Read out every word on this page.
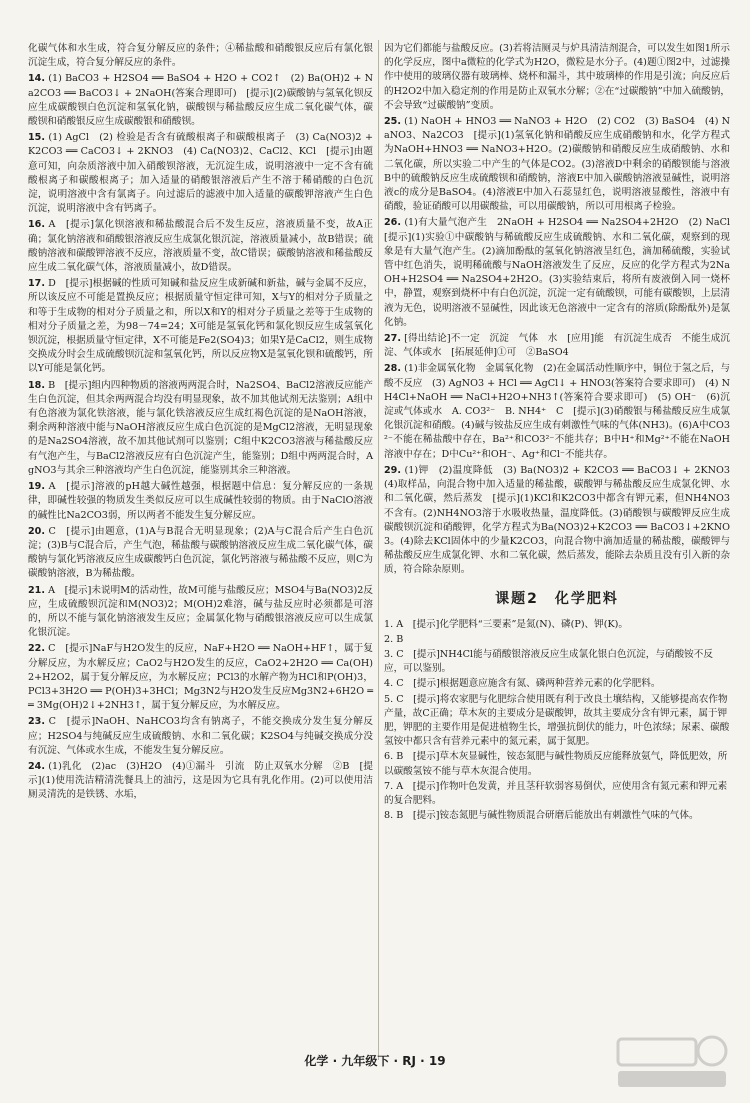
化碳气体和水生成，符合复分解反应的条件；④稀盐酸和硝酸银反应后有氯化银沉淀生成，符合复分解反应的条件。

14. (1) BaCO3 + H2SO4 ══ BaSO4 + H2O + CO2↑　(2) Ba(OH)2 + Na2CO3 ══ BaCO3↓ + 2NaOH(答案合理即可)　[提示](2)碳酸钠与氢氧化钡反应生成碳酸钡白色沉淀和氢氧化钠，碳酸钡与稀盐酸反应生成二氧化碳气体，碳酸钡和硝酸银反应生成碳酸银和硝酸钡。

15. (1) AgCl　(2) 检验是否含有硫酸根离子和碳酸根离子　(3) Ca(NO3)2 + K2CO3 ══ CaCO3↓ + 2KNO3　(4) Ca(NO3)2、CaCl2、KCl　[提示]由题意可知，向杂质溶液中加入硝酸钡溶液，无沉淀生成，说明溶液中一定不含有硫酸根离子和碳酸根离子；加入适量的硝酸银溶液后产生不溶于稀硝酸的白色沉淀，说明溶液中含有氯离子。向过滤后的滤液中加入适量的碳酸钾溶液产生白色沉淀，说明溶液中含有钙离子。

16. A　[提示]氯化钡溶液和稀盐酸混合后不发生反应，溶液质量不变，故A正确；氯化钠溶液和硝酸银溶液反应生成氯化银沉淀，溶液质量减小，故B错误；硫酸钠溶液和碳酸钾溶液不反应，溶液质量不变，故C错误；碳酸钠溶液和稀盐酸反应生成二氧化碳气体，溶液质量减小，故D错误。

17. D　[提示]根据碱的性质可知碱和盐反应生成新碱和新盐，碱与金属不反应，所以该反应不可能是置换反应；根据质量守恒定律可知，X与Y的相对分子质量之和等于生成物的相对分子质量之和，所以X和Y的相对分子质量之差等于生成物的相对分子质量之差，为98－74=24；X可能是氢氧化钙和氯化钡反应生成氢氧化钡沉淀，根据质量守恒定律，X不可能是Fe2(SO4)3；如果Y是CaCl2，则生成物交换成分时会生成硫酸钡沉淀和氢氧化钙，所以反应物X是氢氧化钡和硫酸钙，所以Y可能是氯化钙。

18. B　[提示]组内四种物质的溶液两两混合时，Na2SO4、BaCl2溶液反应能产生白色沉淀，但其余两两混合均没有明显现象，故不加其他试剂无法鉴别；A组中有色溶液为氯化铁溶液，能与氯化铁溶液反应生成红褐色沉淀的是NaOH溶液，剩余两种溶液中能与NaOH溶液反应生成白色沉淀的是MgCl2溶液，无明显现象的是Na2SO4溶液，故不加其他试剂可以鉴别；C组中K2CO3溶液与稀盐酸反应有气泡产生，与BaCl2溶液反应有白色沉淀产生，能鉴别；D组中两两混合时，AgNO3与其余三种溶液均产生白色沉淀，能鉴别其余三种溶液。

19. A　[提示]溶液的pH越大碱性越强，根据题中信息：复分解反应的一条规律，即碱性较强的物质发生类似反应可以生成碱性较弱的物质。由于NaClO溶液的碱性比Na2CO3弱，所以两者不能发生复分解反应。

20. C　[提示]由题意，(1)A与B混合无明显现象；(2)A与C混合后产生白色沉淀；(3)B与C混合后，产生气泡，稀盐酸与碳酸钠溶液反应生成二氧化碳气体，碳酸钠与氯化钙溶液反应生成碳酸钙白色沉淀，氯化钙溶液与稀盐酸不反应，则C为碳酸钠溶液，B为稀盐酸。

21. A　[提示]未说明M的活动性，故M可能与盐酸反应；MSO4与Ba(NO3)2反应，生成硫酸钡沉淀和M(NO3)2；M(OH)2难溶，碱与盐反应时必须都是可溶的，所以不能与氯化钠溶液发生反应；金属氯化物与硝酸银溶液反应可以生成氯化银沉淀。

22. C　[提示]NaF与H2O发生的反应，NaF+H2O ══ NaOH+HF↑，属于复分解反应，为水解反应；CaO2与H2O发生的反应，CaO2+2H2O ══ Ca(OH)2+H2O2，属于复分解反应，为水解反应；PCl3的水解产物为HCl和P(OH)3，PCl3+3H2O ══ P(OH)3+3HCl；Mg3N2与H2O发生反应Mg3N2+6H2O ══ 3Mg(OH)2↓+2NH3↑，属于复分解反应，为水解反应。

23. C　[提示]NaOH、NaHCO3均含有钠离子，不能交换成分发生复分解反应；H2SO4与纯碱反应生成硫酸钠、水和二氧化碳；K2SO4与纯碱交换成分没有沉淀、气体或水生成，不能发生复分解反应。

24. (1)乳化　(2)ac　(3)H2O　(4)①漏斗　引流　防止双氧水分解　②B　[提示](1)使用洗洁精清洗餐具上的油污，这是因为它具有乳化作用。(2)可以使用洁厕灵清洗的是铁锈、水垢，

因为它们都能与盐酸反应。(3)若将洁厕灵与炉具清洁剂混合，可以发生如图1所示的化学反应，图中a微粒的化学式为H2O，微粒是水分子。(4)题①图2中，过滤操作中使用的玻璃仪器有玻璃棒、烧杯和漏斗，其中玻璃棒的作用是引流；向反应后的H2O2中加入稳定剂的作用是防止双氧水分解；②在“过碳酸钠”中加入硫酸钠，不会导致“过碳酸钠”变质。

25. (1) NaOH + HNO3 ══ NaNO3 + H2O　(2) CO2　(3) BaSO4　(4) NaNO3、Na2CO3　[提示](1)氢氧化钠和硝酸反应生成硝酸钠和水，化学方程式为NaOH+HNO3 ══ NaNO3+H2O。(2)碳酸钠和硝酸反应生成硝酸钠、水和二氧化碳，所以实验二中产生的气体是CO2。(3)溶液D中剩余的硝酸钡能与溶液B中的硫酸钠反应生成硫酸钡和硝酸钠，溶液E中加入碳酸钠溶液显碱性，说明溶液c的成分是BaSO4。(4)溶液E中加入石蕊显红色，说明溶液显酸性，溶液中有硝酸，验证硝酸可以用碳酸盐，可以用碳酸钠，所以可用根离子检验。

26. (1)有大量气泡产生　2NaOH + H2SO4 ══ Na2SO4+2H2O　(2) NaCl　[提示](1)实验①中碳酸钠与稀硫酸反应生成硫酸钠、水和二氧化碳，观察到的现象是有大量气泡产生。(2)滴加酚酞的氢氧化钠溶液呈红色，滴加稀硫酸，实验试管中红色消失，说明稀硫酸与NaOH溶液发生了反应，反应的化学方程式为2NaOH+H2SO4 ══ Na2SO4+2H2O。(3)实验结束后，将所有废液倒入同一烧杯中，静置，观察到烧杯中有白色沉淀，沉淀一定有硫酸钡，可能有碳酸钡，上层清液为无色，说明溶液不显碱性，因此该无色溶液中一定含有的溶质(除酚酞外)是氯化钠。

27. [得出结论]不一定　沉淀　气体　水　[应用]能　有沉淀生成否　不能生成沉淀、气体或水　[拓展延伸]①可　②BaSO4

28. (1)非金属氧化物　金属氧化物　(2)在金属活动性顺序中，铜位于氢之后，与酸不反应　(3) AgNO3 + HCl ══ AgCl↓ + HNO3(答案符合要求即可)　(4) NH4Cl+NaOH ══ NaCl+H2O+NH3↑(答案符合要求即可)　(5) OH⁻　(6)沉淀或气体或水　A. CO3²⁻　B. NH4⁺　C　[提示](3)硝酸银与稀盐酸反应生成氯化银沉淀和硝酸。(4)碱与铵盐反应生成有刺激性气味的气体(NH3)。(6)A中CO3²⁻不能在稀盐酸中存在，Ba²⁺和CO3²⁻不能共存；B中H⁺和Mg²⁺不能在NaOH溶液中存在；D中Cu²⁺和OH⁻、Ag⁺和Cl⁻不能共存。

29. (1)钾　(2)温度降低　(3) Ba(NO3)2 + K2CO3 ══ BaCO3↓ + 2KNO3　(4)取样品，向混合物中加入适量的稀盐酸，碳酸钾与稀盐酸反应生成氯化钾、水和二氧化碳，然后蒸发　[提示](1)KCl和K2CO3中都含有钾元素，但NH4NO3不含有。(2)NH4NO3溶于水吸收热量，温度降低。(3)硝酸钡与碳酸钾反应生成碳酸钡沉淀和硝酸钾，化学方程式为Ba(NO3)2+K2CO3 ══ BaCO3↓+2KNO3。(4)除去KCl固体中的少量K2CO3，向混合物中滴加适量的稀盐酸，碳酸钾与稀盐酸反应生成氯化钾、水和二氧化碳，然后蒸发，能除去杂质且没有引入新的杂质，符合除杂原则。

课题2　化学肥料

1. A　[提示]化学肥料“三要素”是氮(N)、磷(P)、钾(K)。

2. B

3. C　[提示]NH4Cl能与硝酸银溶液反应生成氯化银白色沉淀，与硝酸铵不反应，可以鉴别。

4. C　[提示]根据题意应施含有氮、磷两种营养元素的化学肥料。

5. C　[提示]将农家肥与化肥综合使用既有利于改良土壤结构，又能够提高农作物产量，故C正确；草木灰的主要成分是碳酸钾，故其主要成分含有钾元素，属于钾肥，钾肥的主要作用是促进植物生长，增强抗倒伏的能力，叶色浓绿；尿素、碳酸氢铵中都只含有营养元素中的氮元素，属于氮肥。

6. B　[提示]草木灰显碱性，铵态氮肥与碱性物质反应能释放氨气，降低肥效，所以碳酸氢铵不能与草木灰混合使用。

7. A　[提示]作物叶色发黄，并且茎秆软弱容易倒伏，应使用含有氮元素和钾元素的复合肥料。

8. B　[提示]铵态氮肥与碱性物质混合研磨后能放出有刺激性气味的气体。

化学 · 九年级下 · RJ · 19
